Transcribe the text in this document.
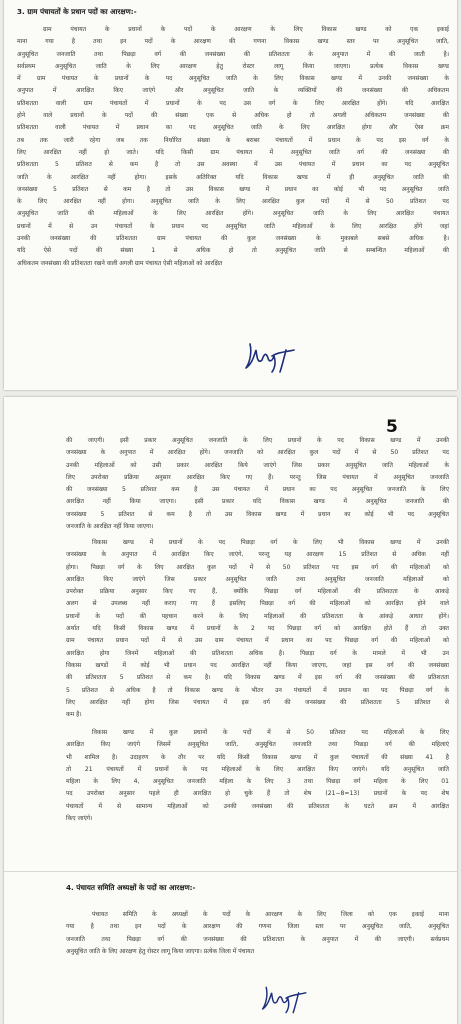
3. ग्राम पंचायतों के प्रधान पदों का आरक्षण:-
ग्राम पंचायत के प्रधानों के पदों के आरक्षण के लिए विकास खण्ड को एक इकाई
माना गया है तथा इन पदों के आरक्षण की गणना विकास खण्ड स्तर पर अनुसूचित जाति,
अनुसूचित जनजाति तथा पिछड़ा वर्ग की जनसंख्या की प्रतिशतता के अनुपात में की जाती है।
सर्वप्रथम अनुसूचित जाति के लिए आरक्षण हेतु रोस्टर लागू किया जाएगा। प्रत्येक विकास खण्ड
में ग्राम पंचायत के प्रधानों के पद अनुसूचित जाति के लिए विकास खण्ड में उनकी जनसंख्या के
अनुपात में आरक्षित किए जाएंगे और अनुसूचित जाति के व्यक्तियों की जनसंख्या की अधिकतम
प्रतिशतता वाली ग्राम पंचायतों में प्रधानों के पद उस वर्ग के लिए आरक्षित होंगे। यदि आरक्षित
होने वाले प्रधानों के पदों की संख्या एक से अधिक हो तो अगली अधिकतम जनसंख्या की
प्रतिशतता वाली पंचायत में प्रधान का पद अनुसूचित जाति के लिए आरक्षित होगा और ऐसा क्रम
तब तक जारी रहेगा जब तक निर्धारित संख्या के बराबर पंचायतों में प्रधान के पद इस वर्ग के
लिए आरक्षित नहीं हो जाते। यदि किसी ग्राम पंचायत में अनुसूचित जाति वर्ग की जनसंख्या की
प्रतिशतता 5 प्रतिशत से कम है तो उस अवस्था में उस पंचायत में प्रधान का पद अनुसूचित
जाति के आरक्षित नहीं होगा। इसके अतिरिक्त यदि विकास खण्ड में ही अनुसूचित जाति की
जनसंख्या 5 प्रतिशत से कम है तो उस विकास खण्ड में प्रधान का कोई भी पद अनुसूचित जाति
के लिए आरक्षित नहीं होगा। अनुसूचित जाति के लिए आरक्षित कुल पदों में से 50 प्रतिशत पद
अनुसूचित जाति की महिलाओं के लिए आरक्षित होंगे। अनुसूचित जाति के लिए आरक्षित पंचायत
प्रधानों में से उन पंचायतों के प्रधान पद अनुसूचित जाति महिलाओं के लिए आरक्षित होंगे जहां
उनकी जनसंख्या की प्रतिशतता ग्राम पंचायत की कुल जनसंख्या के मुकाबले सबसे अधिक है।
यदि ऐसे पदों की संख्या 1 से अधिक हो तो अनुसूचित जाति से सम्बन्धित महिलाओं की
अधिकतम जनसंख्या की प्रतिशतता रखने वाली अगली ग्राम पंचायत ऐसी महिलाओं को आरक्षित
5
की जाएगी। इसी प्रकार अनुसूचित जनजाति के लिए प्रधानों के पद विकास खण्ड में उनकी
जनसंख्या के अनुपात में आरक्षित होंगे। जनजाति को आरक्षित कुल पदों में से 50 प्रतिशत पद
उनकी महिलाओं को उसी प्रकार आरक्षित किये जाएंगे जिस प्रकार अनुसूचित जाति महिलाओं के
लिए उपरोक्त प्रक्रिया अनुसार आरक्षित किए गए हैं। परन्तु जिस पंचायत में अनुसूचित जनजाति
की जनसंख्या 5 प्रतिशत कम है उस पंचायत में प्रधान का पद अनुसूचित जनजाति के लिए
आरक्षित नहीं किया जाएगा। इसी प्रकार यदि विकास खण्ड में अनुसूचित जनजाति की
जनसंख्या 5 प्रतिशत से कम है तो उस विकास खण्ड में प्रधान का कोई भी पद अनुसूचित
जनजाति के आरक्षित नहीं किया जाएगा।
विकास खण्ड में प्रधानों के पद पिछड़ा वर्ग के लिए भी विकास खण्ड में उनकी
जनसंख्या के अनुपात में आरक्षित किए जाएंगे, परन्तु यह आरक्षण 15 प्रतिशत से अधिक नहीं
होगा। पिछड़ा वर्ग के लिए आरक्षित कुल पदों में से 50 प्रतिशत पद इस वर्ग की महिलाओं को
आरक्षित किए जाएंगे जिस प्रकार अनुसूचित जाति तथा अनुसूचित जनजाति महिलाओं को
उपरोक्त प्रक्रिया अनुसार किए गए हैं, क्योंकि पिछड़ा वर्ग महिलाओं की प्रतिशतता के आकड़े
अलग से उपलब्ध नहीं कराए गए हैं इसलिए पिछड़ा वर्ग की महिलाओं को आरक्षित होने वाले
प्रधानों के पदों की पहचान करने के लिए महिलाओं की प्रतिशतता के आंकड़े आधार होंगे।
अर्थात यदि किसी विकास खण्ड में प्रधानों के 2 पद पिछड़ा वर्ग को आरक्षित होते हैं तो उक्त
ग्राम पंचायत प्रधान पदों में से उस ग्राम पंचायत में प्रधान का पद पिछड़ा वर्ग की महिलाओं को
आरक्षित होगा जिनमें महिलाओं की प्रतिशतता अधिक है। पिछड़ा वर्ग के मामले में भी उन
विकास खण्डों में कोई भी प्रधान पद आरक्षित नहीं किया जाएगा, जहां इस वर्ग की जनसंख्या
की प्रतिशतता 5 प्रतिशत से कम है। यदि विकास खण्ड में इस वर्ग की जनसंख्या की प्रतिशतता
5 प्रतिशत से अधिक है तो विकास खण्ड के भीतर उन पंचायतों में प्रधान का पद पिछड़ा वर्ग के
लिए आरक्षित नहीं होगा जिस पंचायत में इस वर्ग की जनसंख्या की प्रतिशतता 5 प्रतिशत से
कम है।
विकास खण्ड में कुल प्रधानों के पदों में से 50 प्रतिशत पद महिलाओं के लिए
आरक्षित किए जाएंगे जिसमें अनुसूचित जाति, अनुसूचित जनजाति तथा पिछड़ा वर्ग की महिलाएं
भी शामिल है। उदाहरण के तौर पर यदि किसी विकास खण्ड में कुल पंचायतों की संख्या 41 है
तो 21 पंचायतों में प्रधानों के पद महिलाओं के लिए आरक्षित किए जाएंगे। यदि अनुसूचित जाति
महिला के लिए 4, अनुसूचित जनजाति महिला के लिए 3 तथा पिछड़ा वर्ग महिला के लिए 01
पद उपरोक्त अनुसार पहले ही आरक्षित हो चुके हैं तो शेष (21−8=13) प्रधानों के पद शेष
पंचायतों में से सामान्य महिलाओं को उनकी जनसंख्या की प्रतिशतता के घटते क्रम में आरक्षित
किए जाएंगे।
4. पंचायत समिति अध्यक्षों के पदों का आरक्षण:-
पंचायत समिति के अध्यक्षों के पदों के आरक्षण के लिए जिला को एक इकाई माना
गया है तथा इन पदों के आरक्षण की गणना जिला स्तर पर अनुसूचित जाति, अनुसूचित
जनजाति तथा पिछड़ा वर्ग की जनसंख्या की प्रतिशतता के अनुपात में की जाएगी। सर्वप्रथम
अनुसूचित जाति के लिए आरक्षण हेतु रोस्टर लागू किया जाएगा। प्रत्येक जिला में पंचायत
